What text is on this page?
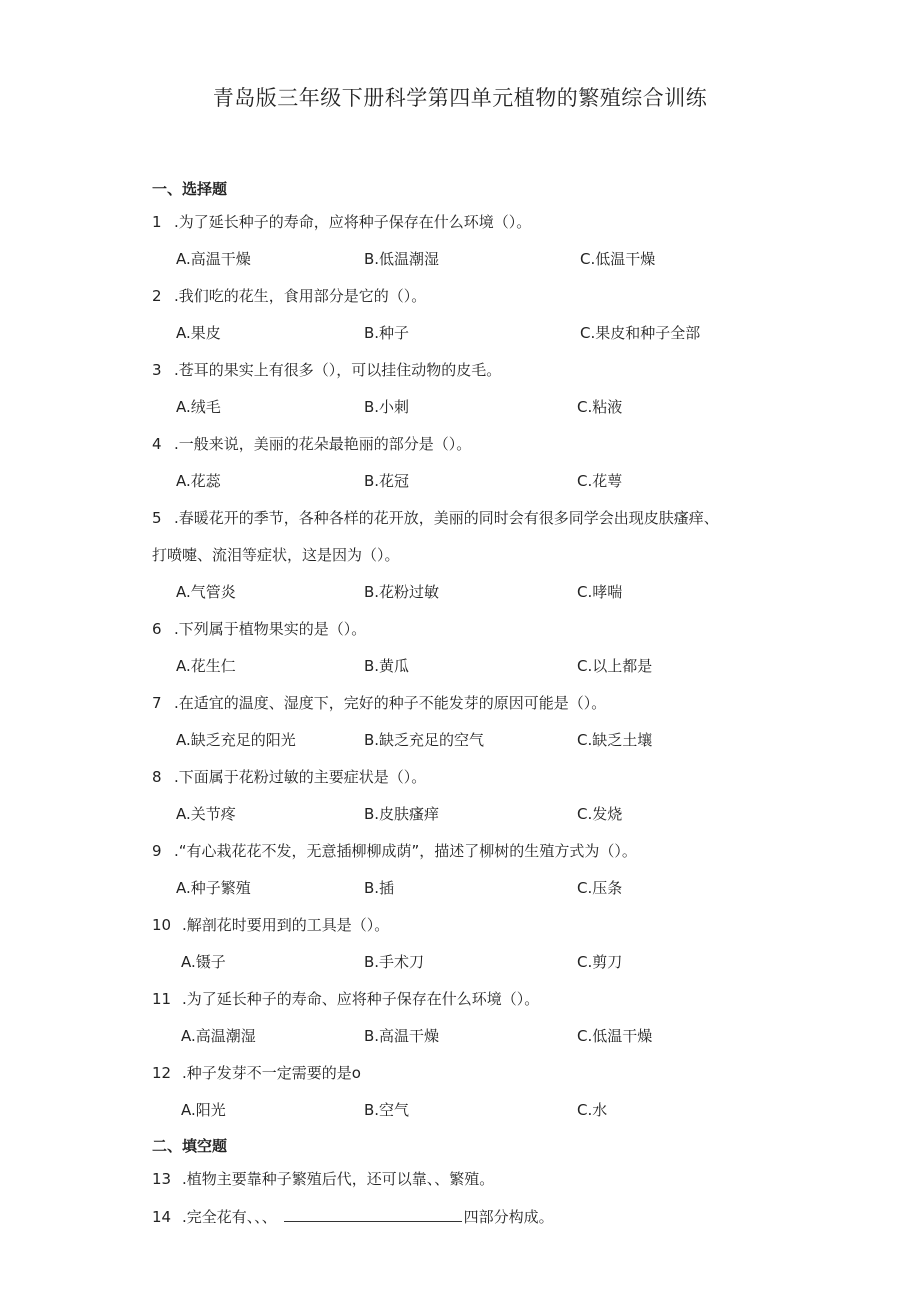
青岛版三年级下册科学第四单元植物的繁殖综合训练
一、选择题
1 .为了延长种子的寿命，应将种子保存在什么环境（）。
A.高温干燥	B.低温潮湿	C.低温干燥
2 .我们吃的花生，食用部分是它的（）。
A.果皮	B.种子	C.果皮和种子全部
3 .苍耳的果实上有很多（），可以挂住动物的皮毛。
A.绒毛	B.小刺	C.粘液
4 .一般来说，美丽的花朵最艳丽的部分是（）。
A.花蕊	B.花冠	C.花萼
5 .春暖花开的季节，各种各样的花开放，美丽的同时会有很多同学会出现皮肤瘙痒、
打喷嚏、流泪等症状，这是因为（）。
A.气管炎	B.花粉过敏	C.哮喘
6 .下列属于植物果实的是（）。
A.花生仁	B.黄瓜	C.以上都是
7 .在适宜的温度、湿度下，完好的种子不能发芽的原因可能是（）。
A.缺乏充足的阳光	B.缺乏充足的空气	C.缺乏土壤
8 .下面属于花粉过敏的主要症状是（）。
A.关节疼	B.皮肤瘙痒	C.发烧
9 .“有心栽花花不发，无意插柳柳成荫”，描述了柳树的生殖方式为（）。
A.种子繁殖	B.插	C.压条
10 .解剖花时要用到的工具是（）。
A.镊子	B.手术刀	C.剪刀
11 .为了延长种子的寿命、应将种子保存在什么环境（）。
A.高温潮湿	B.高温干燥	C.低温干燥
12 .种子发芽不一定需要的是o
A.阳光	B.空气	C.水
二、填空题
13 .植物主要靠种子繁殖后代，还可以靠、、繁殖。
14 .完全花有、、、	四部分构成。
